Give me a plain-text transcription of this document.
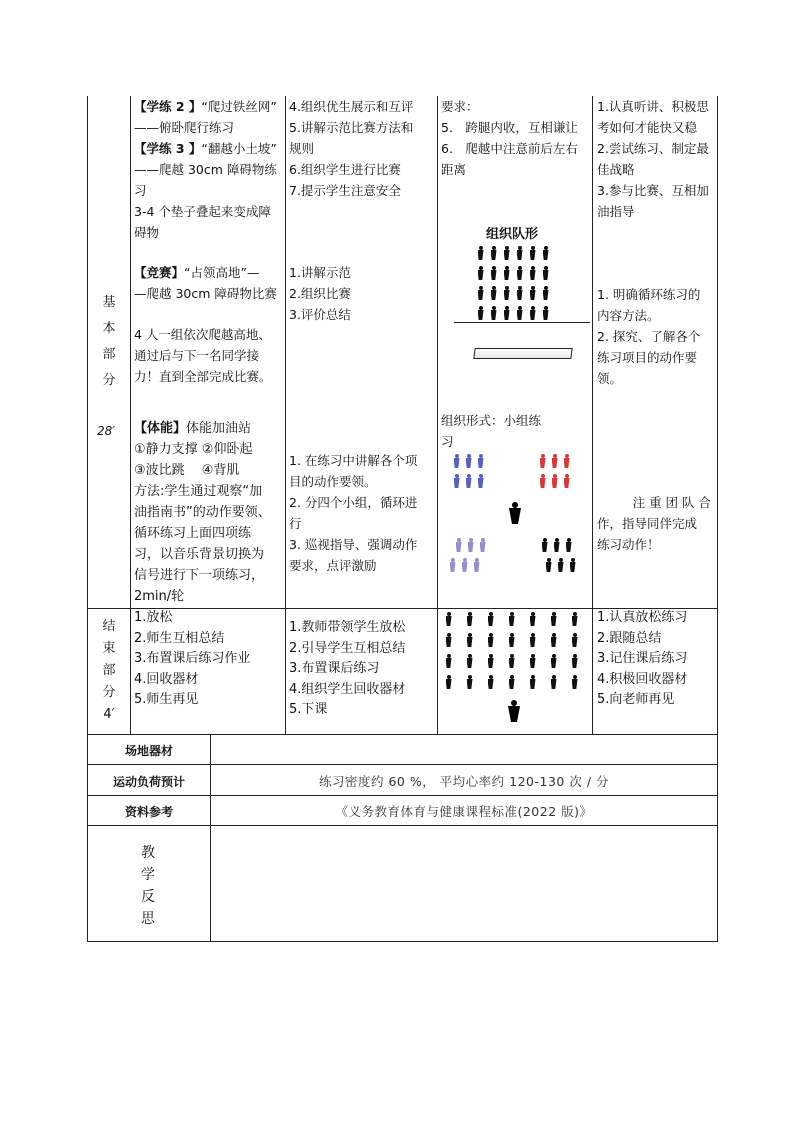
基
本
部
分
28′

【学练 2 】“爬过铁丝网”

——俯卧爬行练习

【学练 3 】“翻越小土坡”

——爬越 30cm 障碍物练

习

3-4 个垫子叠起来变成障

碍物

【竞赛】“占领高地”—

—爬越 30cm 障碍物比赛

4 人一组依次爬越高地、

通过后与下一名同学接

力！直到全部完成比赛。

【体能】体能加油站

①静力支撑 ②仰卧起

③波比跳　 ④背肌

方法:学生通过观察“加

油指南书”的动作要领、

循环练习上面四项练

习，以音乐背景切换为

信号进行下一项练习，

2min/轮

4.组织优生展示和互评

5.讲解示范比赛方法和

规则

6.组织学生进行比赛

7.提示学生注意安全

1.讲解示范

2.组织比赛

3.评价总结

1. 在练习中讲解各个项

目的动作要领。

2. 分四个小组，循环进

行

3. 巡视指导、强调动作

要求，点评激励

要求：

5.　跨腿内收，互相谦让

6.　爬越中注意前后左右

距离

组织队形

组织形式：小组练

习

1.认真听讲、积极思

考如何才能快又稳

2.尝试练习、制定最

佳战略

3.参与比赛、互相加

油指导

1. 明确循环练习的

内容方法。

2. 探究、了解各个

练习项目的动作要

领。

注 重 团 队 合

作，指导同伴完成

练习动作！

结
束
部
分
4′

1.放松

2.师生互相总结

3.布置课后练习作业

4.回收器材

5.师生再见

1.教师带领学生放松

2.引导学生互相总结

3.布置课后练习

4.组织学生回收器材

5.下课

1.认真放松练习

2.跟随总结

3.记住课后练习

4.积极回收器材

5.向老师再见

场地器材
运动负荷预计	练习密度约 60 %， 平均心率约 120-130 次 / 分
资料参考	《义务教育体育与健康课程标准(2022 版)》
教
学
反
思
